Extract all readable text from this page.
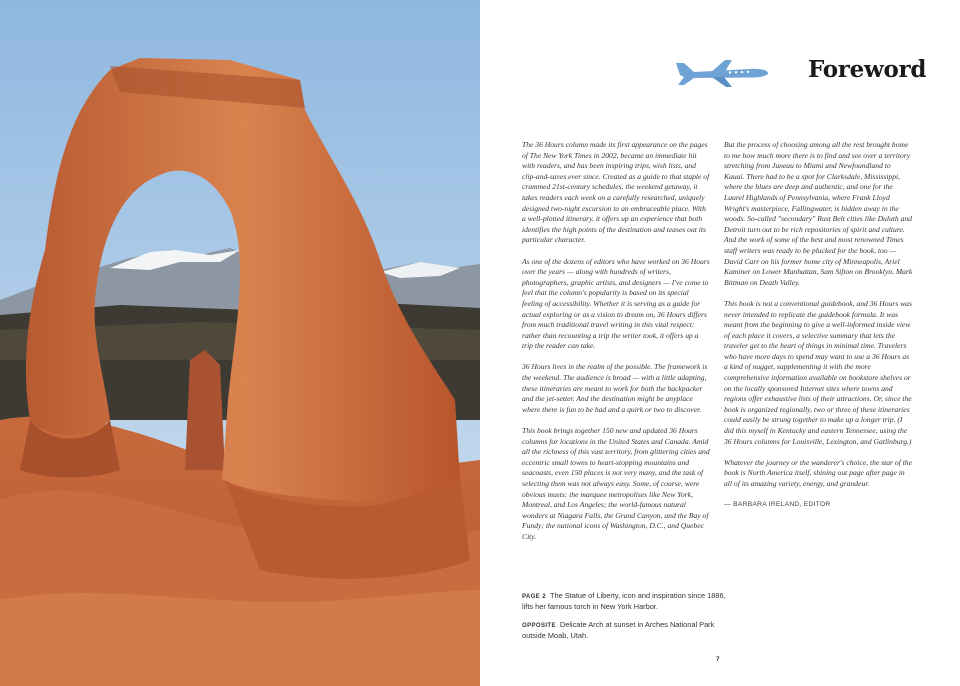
Foreword

The 36 Hours column made its first appearance on the pages of The New York Times in 2002, became an immediate hit with readers, and has been inspiring trips, wish lists, and clip-and-saves ever since. Created as a guide to that staple of crammed 21st-century schedules, the weekend getaway, it takes readers each week on a carefully researched, uniquely designed two-night excursion to an embraceable place. With a well-plotted itinerary, it offers up an experience that both identifies the high points of the destination and teases out its particular character.

As one of the dozens of editors who have worked on 36 Hours over the years — along with hundreds of writers, photographers, graphic artists, and designers — I've come to feel that the column's popularity is based on its special feeling of accessibility. Whether it is serving as a guide for actual exploring or as a vision to dream on, 36 Hours differs from much traditional travel writing in this vital respect: rather than recounting a trip the writer took, it offers up a trip the reader can take.

36 Hours lives in the realm of the possible. The framework is the weekend. The audience is broad — with a little adapting, these itineraries are meant to work for both the backpacker and the jet-setter. And the destination might be anyplace where there is fun to be had and a quirk or two to discover.

This book brings together 150 new and updated 36 Hours columns for locations in the United States and Canada. Amid all the richness of this vast territory, from glittering cities and eccentric small towns to heart-stopping mountains and seacoasts, even 150 places is not very many, and the task of selecting them was not always easy. Some, of course, were obvious musts: the marquee metropolises like New York, Montreal, and Los Angeles; the world-famous natural wonders at Niagara Falls, the Grand Canyon, and the Bay of Fundy; the national icons of Washington, D.C., and Quebec City.

But the process of choosing among all the rest brought home to me how much more there is to find and see over a territory stretching from Juneau to Miami and Newfoundland to Kauai. There had to be a spot for Clarksdale, Mississippi, where the blues are deep and authentic, and one for the Laurel Highlands of Pennsylvania, where Frank Lloyd Wright's masterpiece, Fallingwater, is hidden away in the woods. So-called "secondary" Rust Belt cities like Duluth and Detroit turn out to be rich repositories of spirit and culture. And the work of some of the best and most renowned Times staff writers was ready to be plucked for the book, too — David Carr on his former home city of Minneapolis, Ariel Kaminer on Lower Manhattan, Sam Sifton on Brooklyn, Mark Bittman on Death Valley.

This book is not a conventional guidebook, and 36 Hours was never intended to replicate the guidebook formula. It was meant from the beginning to give a well-informed inside view of each place it covers, a selective summary that lets the traveler get to the heart of things in minimal time. Travelers who have more days to spend may want to use a 36 Hours as a kind of nugget, supplementing it with the more comprehensive information available on bookstore shelves or on the locally sponsored Internet sites where towns and regions offer exhaustive lists of their attractions. Or, since the book is organized regionally, two or three of these itineraries could easily be strung together to make up a longer trip. (I did this myself in Kentucky and eastern Tennessee, using the 36 Hours columns for Louisville, Lexington, and Gatlinburg.)

Whatever the journey or the wanderer's choice, the star of the book is North America itself, shining out page after page in all of its amazing variety, energy, and grandeur.

— BARBARA IRELAND, EDITOR

PAGE 2 The Statue of Liberty, icon and inspiration since 1886, lifts her famous torch in New York Harbor.

OPPOSITE Delicate Arch at sunset in Arches National Park outside Moab, Utah.

7
